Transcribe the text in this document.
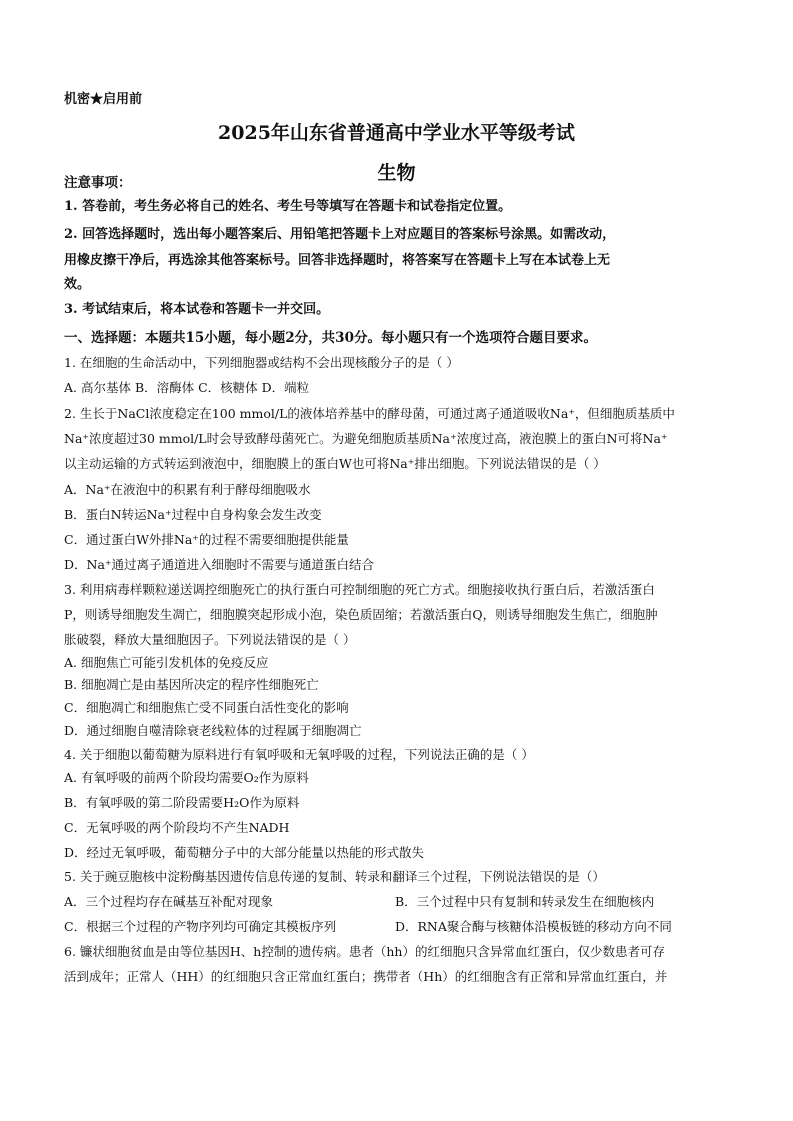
机密★启用前
2025年山东省普通高中学业水平等级考试
注意事项：	生物
1. 答卷前，考生务必将自己的姓名、考生号等填写在答题卡和试卷指定位置。
2. 回答选择题时，选出每小题答案后、用铅笔把答题卡上对应题目的答案标号涂黑。如需改动，
用橡皮擦干净后，再选涂其他答案标号。回答非选择题时，将答案写在答题卡上写在本试卷上无
效。
3. 考试结束后，将本试卷和答题卡一并交回。
一、选择题：本题共15小题，每小题2分，共30分。每小题只有一个选项符合题目要求。
1. 在细胞的生命活动中，下列细胞器或结构不会出现核酸分子的是（ ）
A. 高尔基体 B．溶酶体 C．核糖体 D．端粒
2. 生长于NaCl浓度稳定在100 mmol/L的液体培养基中的酵母菌，可通过离子通道吸收Na⁺，但细胞质基质中
Na⁺浓度超过30 mmol/L时会导致酵母菌死亡。为避免细胞质基质Na⁺浓度过高，液泡膜上的蛋白N可将Na⁺
以主动运输的方式转运到液泡中，细胞膜上的蛋白W也可将Na⁺排出细胞。下列说法错误的是（ ）
A．Na⁺在液泡中的积累有利于酵母细胞吸水
B．蛋白N转运Na⁺过程中自身构象会发生改变
C．通过蛋白W外排Na⁺的过程不需要细胞提供能量
D．Na⁺通过离子通道进入细胞时不需要与通道蛋白结合
3. 利用病毒样颗粒递送调控细胞死亡的执行蛋白可控制细胞的死亡方式。细胞接收执行蛋白后，若激活蛋白
P，则诱导细胞发生凋亡，细胞膜突起形成小泡，染色质固缩；若激活蛋白Q，则诱导细胞发生焦亡，细胞肿
胀破裂，释放大量细胞因子。下列说法错误的是（ ）
A. 细胞焦亡可能引发机体的免疫反应
B. 细胞凋亡是由基因所决定的程序性细胞死亡
C．细胞凋亡和细胞焦亡受不同蛋白活性变化的影响
D．通过细胞自噬清除衰老线粒体的过程属于细胞凋亡
4. 关于细胞以葡萄糖为原料进行有氧呼吸和无氧呼吸的过程，下列说法正确的是（ ）
A. 有氧呼吸的前两个阶段均需要O₂作为原料
B．有氧呼吸的第二阶段需要H₂O作为原料
C．无氧呼吸的两个阶段均不产生NADH
D．经过无氧呼吸，葡萄糖分子中的大部分能量以热能的形式散失
5. 关于豌豆胞核中淀粉酶基因遗传信息传递的复制、转录和翻译三个过程，下例说法错误的是（）
A．三个过程均存在碱基互补配对现象	B．三个过程中只有复制和转录发生在细胞核内
C．根据三个过程的产物序列均可确定其模板序列	D．RNA聚合酶与核糖体沿模板链的移动方向不同
6. 镰状细胞贫血是由等位基因H、h控制的遗传病。患者（hh）的红细胞只含异常血红蛋白，仅少数患者可存
活到成年；正常人（HH）的红细胞只含正常血红蛋白；携带者（Hh）的红细胞含有正常和异常血红蛋白，并
